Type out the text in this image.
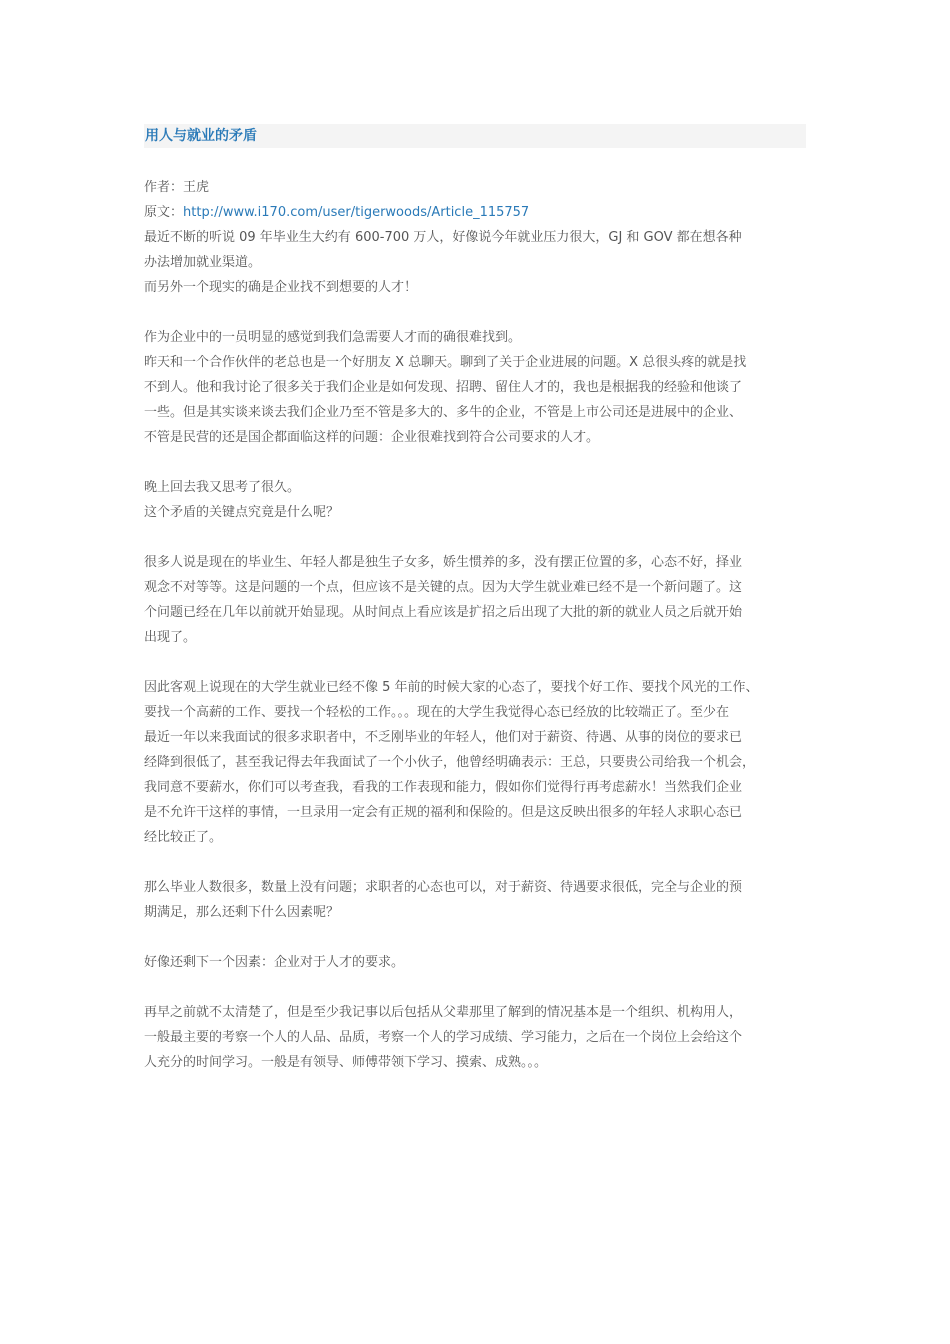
用人与就业的矛盾
作者：王虎
原文：http://www.i170.com/user/tigerwoods/Article_115757
最近不断的听说 09 年毕业生大约有 600-700 万人，好像说今年就业压力很大，GJ 和 GOV 都在想各种
办法增加就业渠道。
而另外一个现实的确是企业找不到想要的人才！
作为企业中的一员明显的感觉到我们急需要人才而的确很难找到。
昨天和一个合作伙伴的老总也是一个好朋友 X 总聊天。聊到了关于企业进展的问题。X 总很头疼的就是找
不到人。他和我讨论了很多关于我们企业是如何发现、招聘、留住人才的，我也是根据我的经验和他谈了
一些。但是其实谈来谈去我们企业乃至不管是多大的、多牛的企业，不管是上市公司还是进展中的企业、
不管是民营的还是国企都面临这样的问题：企业很难找到符合公司要求的人才。
晚上回去我又思考了很久。
这个矛盾的关键点究竟是什么呢？
很多人说是现在的毕业生、年轻人都是独生子女多，娇生惯养的多，没有摆正位置的多，心态不好，择业
观念不对等等。这是问题的一个点，但应该不是关键的点。因为大学生就业难已经不是一个新问题了。这
个问题已经在几年以前就开始显现。从时间点上看应该是扩招之后出现了大批的新的就业人员之后就开始
出现了。
因此客观上说现在的大学生就业已经不像 5 年前的时候大家的心态了，要找个好工作、要找个风光的工作、
要找一个高薪的工作、要找一个轻松的工作。。。现在的大学生我觉得心态已经放的比较端正了。至少在
最近一年以来我面试的很多求职者中，不乏刚毕业的年轻人，他们对于薪资、待遇、从事的岗位的要求已
经降到很低了，甚至我记得去年我面试了一个小伙子，他曾经明确表示：王总，只要贵公司给我一个机会，
我同意不要薪水，你们可以考查我，看我的工作表现和能力，假如你们觉得行再考虑薪水！当然我们企业
是不允许干这样的事情，一旦录用一定会有正规的福利和保险的。但是这反映出很多的年轻人求职心态已
经比较正了。
那么毕业人数很多，数量上没有问题；求职者的心态也可以，对于薪资、待遇要求很低，完全与企业的预
期满足，那么还剩下什么因素呢？
好像还剩下一个因素：企业对于人才的要求。
再早之前就不太清楚了，但是至少我记事以后包括从父辈那里了解到的情况基本是一个组织、机构用人，
一般最主要的考察一个人的人品、品质，考察一个人的学习成绩、学习能力，之后在一个岗位上会给这个
人充分的时间学习。一般是有领导、师傅带领下学习、摸索、成熟。。。
